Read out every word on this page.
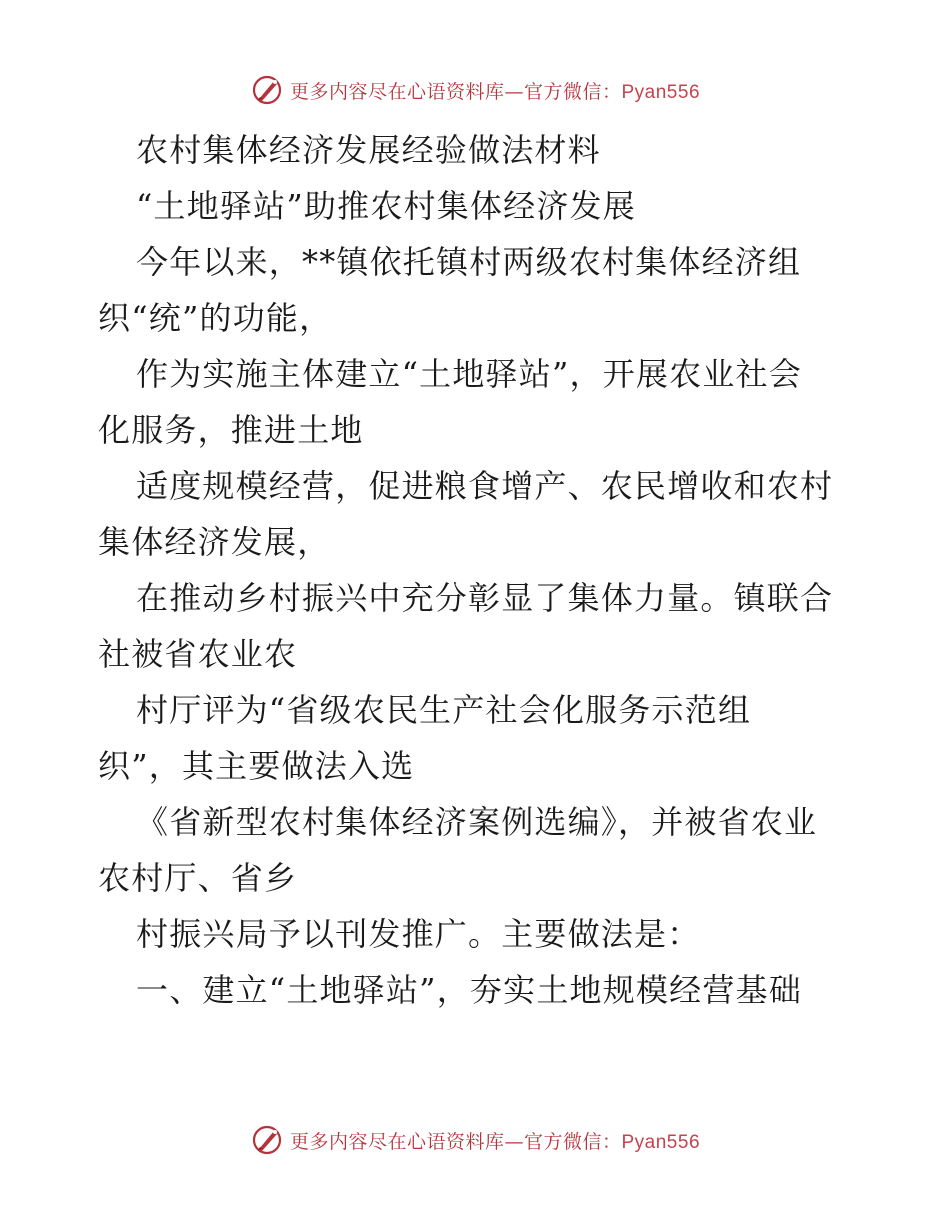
更多内容尽在心语资料库—官方微信：Pyan556
农村集体经济发展经验做法材料
“土地驿站”助推农村集体经济发展
今年以来，**镇依托镇村两级农村集体经济组
织“统”的功能，
作为实施主体建立“土地驿站”，开展农业社会
化服务，推进土地
适度规模经营，促进粮食增产、农民增收和农村
集体经济发展，
在推动乡村振兴中充分彰显了集体力量。镇联合
社被省农业农
村厅评为“省级农民生产社会化服务示范组
织”，其主要做法入选
《省新型农村集体经济案例选编》，并被省农业
农村厅、省乡
村振兴局予以刊发推广。主要做法是：
一、建立“土地驿站”，夯实土地规模经营基础
更多内容尽在心语资料库—官方微信：Pyan556
